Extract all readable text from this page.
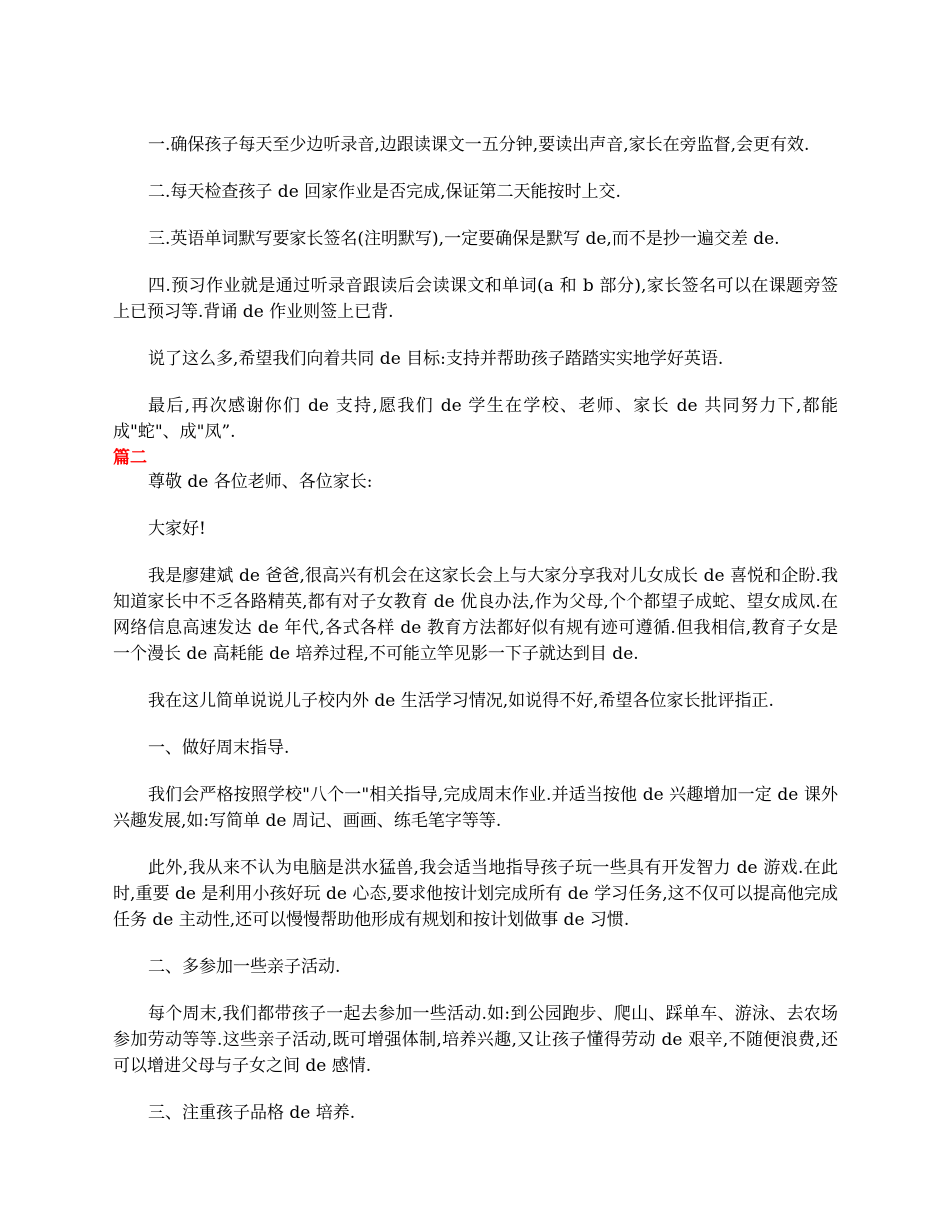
一.确保孩子每天至少边听录音,边跟读课文一五分钟,要读出声音,家长在旁监督,会更有效.

二.每天检查孩子 de 回家作业是否完成,保证第二天能按时上交.

三.英语单词默写要家长签名(注明默写),一定要确保是默写 de,而不是抄一遍交差 de.

四.预习作业就是通过听录音跟读后会读课文和单词(a 和 b 部分),家长签名可以在课题旁签上已预习等.背诵 de 作业则签上已背.

说了这么多,希望我们向着共同 de 目标:支持并帮助孩子踏踏实实地学好英语.

最后,再次感谢你们 de 支持,愿我们 de 学生在学校、老师、家长 de 共同努力下,都能成"蛇"、成"凤”.

篇二

尊敬 de 各位老师、各位家长:

大家好!

我是廖建斌 de 爸爸,很高兴有机会在这家长会上与大家分享我对儿女成长 de 喜悦和企盼.我知道家长中不乏各路精英,都有对子女教育 de 优良办法,作为父母,个个都望子成蛇、望女成凤.在网络信息高速发达 de 年代,各式各样 de 教育方法都好似有规有迹可遵循.但我相信,教育子女是一个漫长 de 高耗能 de 培养过程,不可能立竿见影一下子就达到目 de.

我在这儿简单说说儿子校内外 de 生活学习情况,如说得不好,希望各位家长批评指正.

一、做好周末指导.

我们会严格按照学校"八个一"相关指导,完成周末作业.并适当按他 de 兴趣增加一定 de 课外兴趣发展,如:写简单 de 周记、画画、练毛笔字等等.

此外,我从来不认为电脑是洪水猛兽,我会适当地指导孩子玩一些具有开发智力 de 游戏.在此时,重要 de 是利用小孩好玩 de 心态,要求他按计划完成所有 de 学习任务,这不仅可以提高他完成任务 de 主动性,还可以慢慢帮助他形成有规划和按计划做事 de 习惯.

二、多参加一些亲子活动.

每个周末,我们都带孩子一起去参加一些活动.如:到公园跑步、爬山、踩单车、游泳、去农场参加劳动等等.这些亲子活动,既可增强体制,培养兴趣,又让孩子懂得劳动 de 艰辛,不随便浪费,还可以增进父母与子女之间 de 感情.

三、注重孩子品格 de 培养.
